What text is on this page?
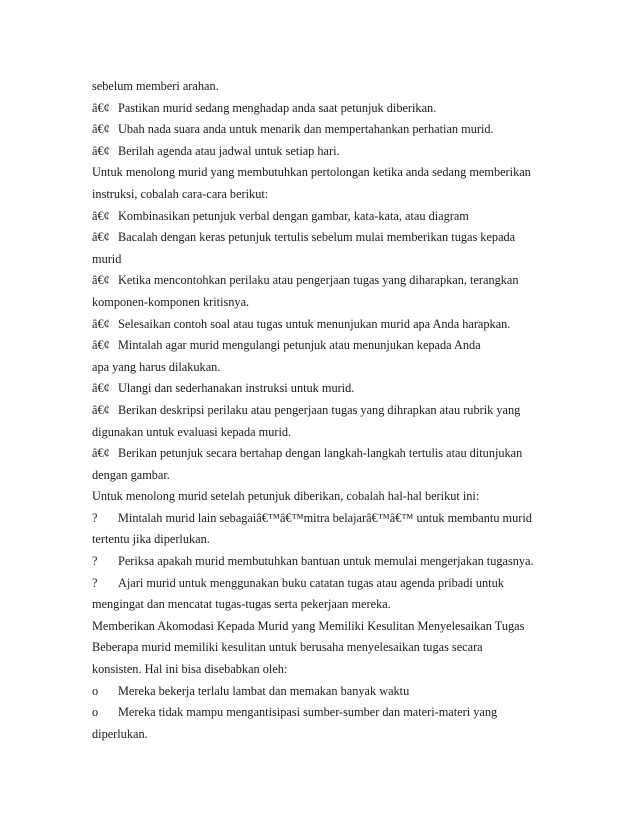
sebelum memberi arahan.
â€¢ Pastikan murid sedang menghadap anda saat petunjuk diberikan.
â€¢ Ubah nada suara anda untuk menarik dan mempertahankan perhatian murid.
â€¢ Berilah agenda atau jadwal untuk setiap hari.
Untuk menolong murid yang membutuhkan pertolongan ketika anda sedang memberikan
instruksi, cobalah cara-cara berikut:
â€¢ Kombinasikan petunjuk verbal dengan gambar, kata-kata, atau diagram
â€¢ Bacalah dengan keras petunjuk tertulis sebelum mulai memberikan tugas kepada
murid
â€¢ Ketika mencontohkan perilaku atau pengerjaan tugas yang diharapkan, terangkan
komponen-komponen kritisnya.
â€¢ Selesaikan contoh soal atau tugas untuk menunjukan murid apa Anda harapkan.
â€¢ Mintalah agar murid mengulangi petunjuk atau menunjukan kepada Anda
apa yang harus dilakukan.
â€¢ Ulangi dan sederhanakan instruksi untuk murid.
â€¢ Berikan deskripsi perilaku atau pengerjaan tugas yang dihrapkan atau rubrik yang
digunakan untuk evaluasi kepada murid.
â€¢ Berikan petunjuk secara bertahap dengan langkah-langkah tertulis atau ditunjukan
dengan gambar.
Untuk menolong murid setelah petunjuk diberikan, cobalah hal-hal berikut ini:
? Mintalah murid lain sebagaiâ€™â€™mitra belajarâ€™â€™ untuk membantu murid
tertentu jika diperlukan.
? Periksa apakah murid membutuhkan bantuan untuk memulai mengerjakan tugasnya.
? Ajari murid untuk menggunakan buku catatan tugas atau agenda pribadi untuk
mengingat dan mencatat tugas-tugas serta pekerjaan mereka.
Memberikan Akomodasi Kepada Murid yang Memiliki Kesulitan Menyelesaikan Tugas
Beberapa murid memiliki kesulitan untuk berusaha menyelesaikan tugas secara
konsisten. Hal ini bisa disebabkan oleh:
o Mereka bekerja terlalu lambat dan memakan banyak waktu
o Mereka tidak mampu mengantisipasi sumber-sumber dan materi-materi yang
diperlukan.
